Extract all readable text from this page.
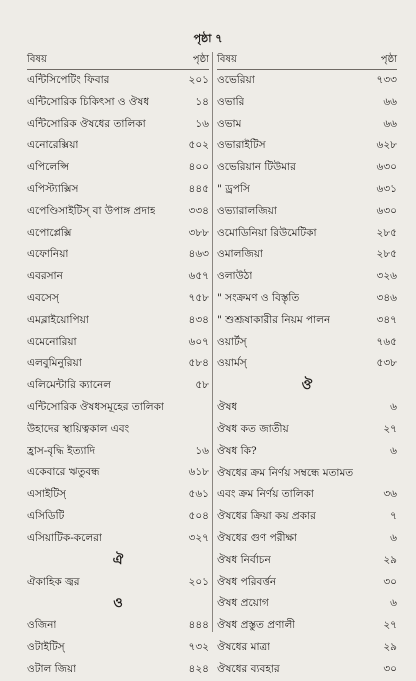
পৃষ্ঠা ৭
বিষয়	পৃষ্ঠা
এন্টিসিপেটিং ফিবার	২০১
এন্টিসোরিক চিকিৎসা ও ঔষধ	১৪
এন্টিসোরিক ঔষধের তালিকা	১৬
এনোরেক্সিয়া	৫০২
এপিলেপ্সি	৪০০
এপিস্ট্যাক্সিস	৪৪৫
এপেণ্ডিসাইটিস্ বা উপাঙ্গ প্রদাহ	৩৩৪
এপোপ্লেক্সি	৩৮৮
এফোনিয়া	৪৬৩
এবরসান	৬৫৭
এবসেস্	৭৫৮
এমব্লাইয়োপিয়া	৪৩৪
এমেনোরিয়া	৬০৭
এলবুমিনুরিয়া	৫৮৪
এলিমেন্টারি ক্যানেল	৫৮
এন্টিসোরিক ঔষধসমূহের তালিকা
উহাদের স্থায়িত্বকাল এবং
হ্রাস-বৃদ্ধি ইত্যাদি	১৬
একেবারে ঋতুবন্ধ	৬১৮
এসাইটিস্	৫৬১
এসিডিটি	৫০৪
এসিয়াটিক-কলেরা	৩২৭
ঐ
ঐকাহিক জ্বর	২০১
ও
ওজিনা	৪৪৪
ওটাইটিস্	৭৩২
ওটাল জিয়া	৪২৪
বিষয়	পৃষ্ঠা
ওভেরিয়া	৭৩৩
ওভারি	৬৬
ওভাম	৬৬
ওভারাইটিস	৬২৮
ওভেরিয়ান টিউমার	৬৩০
" ড্রপসি	৬৩১
ওভ্যারালজিয়া	৬৩০
ওমোডিনিয়া রিউমেটিকা	২৮৫
ওমালজিয়া	২৮৫
ওলাউঠা	৩২৬
" সংক্রমণ ও বিস্তৃতি	৩৪৬
" শুশ্রূষাকারীর নিয়ম পালন	৩৪৭
ওয়ার্টস্	৭৬৫
ওয়ার্মস্	৫৩৮
ঔ
ঔষধ	৬
ঔষধ কত জাতীয়	২৭
ঔষধ কি?	৬
ঔষধের ক্রম নির্ণয় সম্বন্ধে মতামত
এবং ক্রম নির্ণয় তালিকা	৩৬
ঔষধের ক্রিয়া কয় প্রকার	৭
ঔষধের গুণ পরীক্ষা	৬
ঔষধ নির্বাচন	২৯
ঔষধ পরিবর্ত্তন	৩০
ঔষধ প্রয়োগ	৬
ঔষধ প্রস্তুত প্রণালী	২৭
ঔষধের মাত্রা	২৯
ঔষধের ব্যবহার	৩০
